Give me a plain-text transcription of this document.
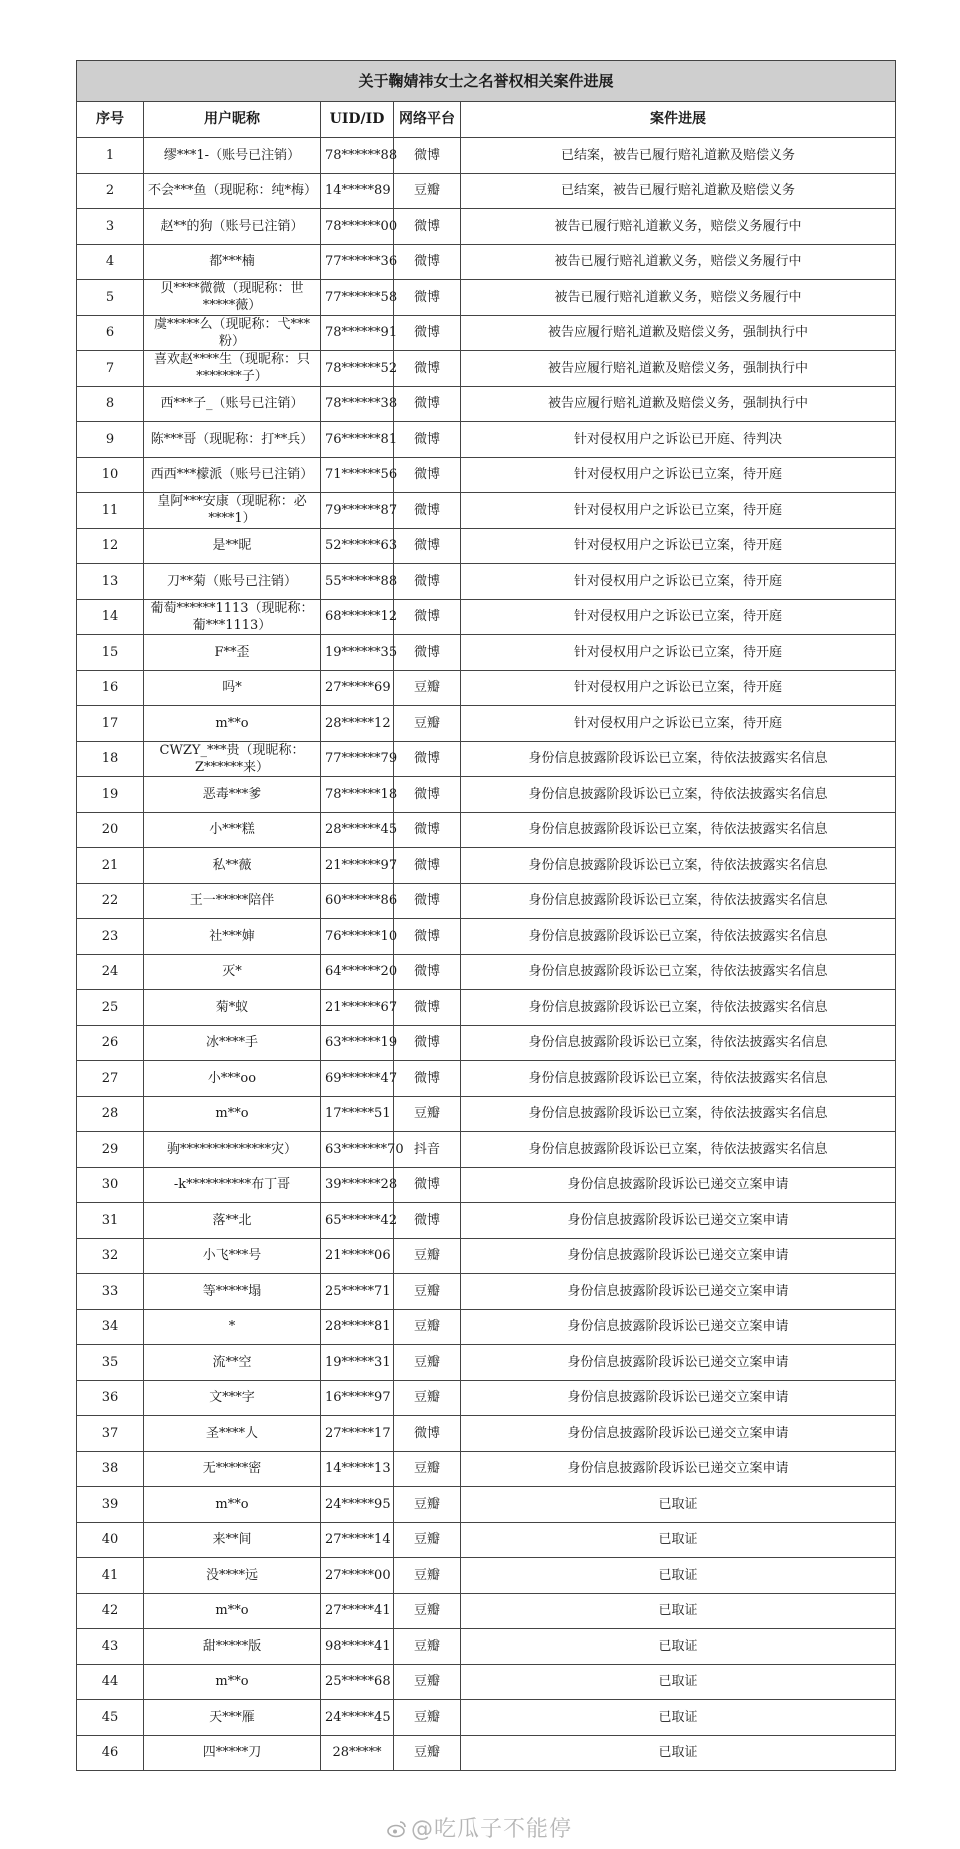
关于鞠婧祎女士之名誉权相关案件进展				
序号	用户昵称	UID/ID	网络平台	案件进展
1	缪***1-（账号已注销）	78******88	微博	已结案，被告已履行赔礼道歉及赔偿义务
2	不会***鱼（现昵称：纯*梅）	14*****89	豆瓣	已结案，被告已履行赔礼道歉及赔偿义务
3	赵**的狗（账号已注销）	78******00	微博	被告已履行赔礼道歉义务，赔偿义务履行中
4	都***楠	77******36	微博	被告已履行赔礼道歉义务，赔偿义务履行中
5	贝****微微（现昵称：世*****薇）	77******58	微博	被告已履行赔礼道歉义务，赔偿义务履行中
6	虞*****么（现昵称：弋***粉）	78******91	微博	被告应履行赔礼道歉及赔偿义务，强制执行中
7	喜欢赵****生（现昵称：只*******子）	78******52	微博	被告应履行赔礼道歉及赔偿义务，强制执行中
8	西***子_（账号已注销）	78******38	微博	被告应履行赔礼道歉及赔偿义务，强制执行中
9	陈***哥（现昵称：打**兵）	76******81	微博	针对侵权用户之诉讼已开庭、待判决
10	西西***檬派（账号已注销）	71******56	微博	针对侵权用户之诉讼已立案，待开庭
11	皇阿***安康（现昵称：必****1）	79******87	微博	针对侵权用户之诉讼已立案，待开庭
12	是**昵	52******63	微博	针对侵权用户之诉讼已立案，待开庭
13	刀**菊（账号已注销）	55******88	微博	针对侵权用户之诉讼已立案，待开庭
14	葡萄******1113（现昵称：葡***1113）	68******12	微博	针对侵权用户之诉讼已立案，待开庭
15	F**歪	19******35	微博	针对侵权用户之诉讼已立案，待开庭
16	吗*	27*****69	豆瓣	针对侵权用户之诉讼已立案，待开庭
17	m**o	28*****12	豆瓣	针对侵权用户之诉讼已立案，待开庭
18	CWZY_***贵（现昵称：Z******来）	77******79	微博	身份信息披露阶段诉讼已立案，待依法披露实名信息
19	恶毒***爹	78******18	微博	身份信息披露阶段诉讼已立案，待依法披露实名信息
20	小***糕	28******45	微博	身份信息披露阶段诉讼已立案，待依法披露实名信息
21	私**薇	21******97	微博	身份信息披露阶段诉讼已立案，待依法披露实名信息
22	王一*****陪伴	60******86	微博	身份信息披露阶段诉讼已立案，待依法披露实名信息
23	社***婶	76******10	微博	身份信息披露阶段诉讼已立案，待依法披露实名信息
24	灭*	64******20	微博	身份信息披露阶段诉讼已立案，待依法披露实名信息
25	菊*蚁	21******67	微博	身份信息披露阶段诉讼已立案，待依法披露实名信息
26	冰****手	63******19	微博	身份信息披露阶段诉讼已立案，待依法披露实名信息
27	小***oo	69******47	微博	身份信息披露阶段诉讼已立案，待依法披露实名信息
28	m**o	17*****51	豆瓣	身份信息披露阶段诉讼已立案，待依法披露实名信息
29	驹**************灾）	63*******70	抖音	身份信息披露阶段诉讼已立案，待依法披露实名信息
30	-k**********布丁哥	39******28	微博	身份信息披露阶段诉讼已递交立案申请
31	落**北	65******42	微博	身份信息披露阶段诉讼已递交立案申请
32	小飞***号	21*****06	豆瓣	身份信息披露阶段诉讼已递交立案申请
33	等*****塌	25*****71	豆瓣	身份信息披露阶段诉讼已递交立案申请
34	*	28*****81	豆瓣	身份信息披露阶段诉讼已递交立案申请
35	流**空	19*****31	豆瓣	身份信息披露阶段诉讼已递交立案申请
36	文***字	16*****97	豆瓣	身份信息披露阶段诉讼已递交立案申请
37	圣****人	27*****17	微博	身份信息披露阶段诉讼已递交立案申请
38	无*****密	14*****13	豆瓣	身份信息披露阶段诉讼已递交立案申请
39	m**o	24*****95	豆瓣	已取证
40	来**间	27*****14	豆瓣	已取证
41	没****远	27*****00	豆瓣	已取证
42	m**o	27*****41	豆瓣	已取证
43	甜*****版	98*****41	豆瓣	已取证
44	m**o	25*****68	豆瓣	已取证
45	天***雁	24*****45	豆瓣	已取证
46	四*****刀	28*****	豆瓣	已取证
@吃瓜子不能停
